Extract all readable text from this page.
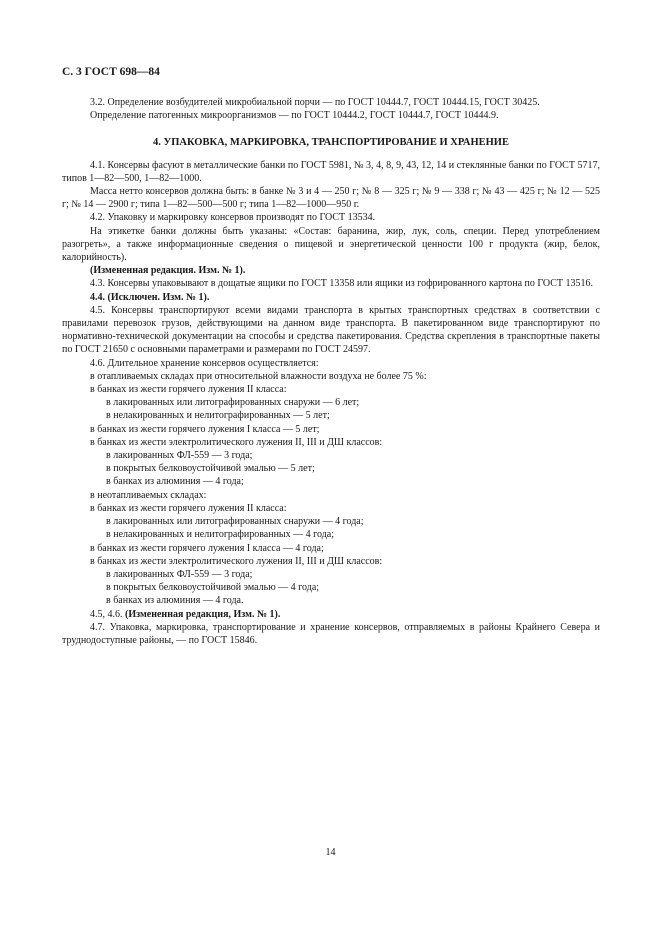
С. 3 ГОСТ 698—84

3.2. Определение возбудителей микробиальной порчи — по ГОСТ 10444.7, ГОСТ 10444.15, ГОСТ 30425.

Определение патогенных микроорганизмов — по ГОСТ 10444.2, ГОСТ 10444.7, ГОСТ 10444.9.

4. УПАКОВКА, МАРКИРОВКА, ТРАНСПОРТИРОВАНИЕ И ХРАНЕНИЕ

4.1. Консервы фасуют в металлические банки по ГОСТ 5981, № 3, 4, 8, 9, 43, 12, 14 и стеклянные банки по ГОСТ 5717, типов 1—82—500, 1—82—1000.

Масса нетто консервов должна быть: в банке № 3 и 4 — 250 г; № 8 — 325 г; № 9 — 338 г; № 43 — 425 г; № 12 — 525 г; № 14 — 2900 г; типа 1—82—500—500 г; типа 1—82—1000—950 г.

4.2. Упаковку и маркировку консервов производят по ГОСТ 13534.

На этикетке банки должны быть указаны: «Состав: баранина, жир, лук, соль, специи. Перед употреблением разогреть», а также информационные сведения о пищевой и энергетической ценности 100 г продукта (жир, белок, калорийность).

(Измененная редакция. Изм. № 1).

4.3. Консервы упаковывают в дощатые ящики по ГОСТ 13358 или ящики из гофрированного картона по ГОСТ 13516.

4.4. (Исключен. Изм. № 1).

4.5. Консервы транспортируют всеми видами транспорта в крытых транспортных средствах в соответствии с правилами перевозок грузов, действующими на данном виде транспорта. В пакетированном виде транспортируют по нормативно-технической документации на способы и средства пакетирования. Средства скрепления в транспортные пакеты по ГОСТ 21650 с основными параметрами и размерами по ГОСТ 24597.

4.6. Длительное хранение консервов осуществляется:

в отапливаемых складах при относительной влажности воздуха не более 75 %:

в банках из жести горячего лужения II класса:

в лакированных или литографированных снаружи — 6 лет;

в нелакированных и нелитографированных — 5 лет;

в банках из жести горячего лужения I класса — 5 лет;

в банках из жести электролитического лужения II, III и ДШ классов:

в лакированных ФЛ-559 — 3 года;

в покрытых белковоустойчивой эмалью — 5 лет;

в банках из алюминия — 4 года;

в неотапливаемых складах:

в банках из жести горячего лужения II класса:

в лакированных или литографированных снаружи — 4 года;

в нелакированных и нелитографированных — 4 года;

в банках из жести горячего лужения I класса — 4 года;

в банках из жести электролитического лужения II, III и ДШ классов:

в лакированных ФЛ-559 — 3 года;

в покрытых белковоустойчивой эмалью — 4 года;

в банках из алюминия — 4 года.

4.5, 4.6. (Измененная редакция, Изм. № 1).

4.7. Упаковка, маркировка, транспортирование и хранение консервов, отправляемых в районы Крайнего Севера и труднодоступные районы, — по ГОСТ 15846.

14
